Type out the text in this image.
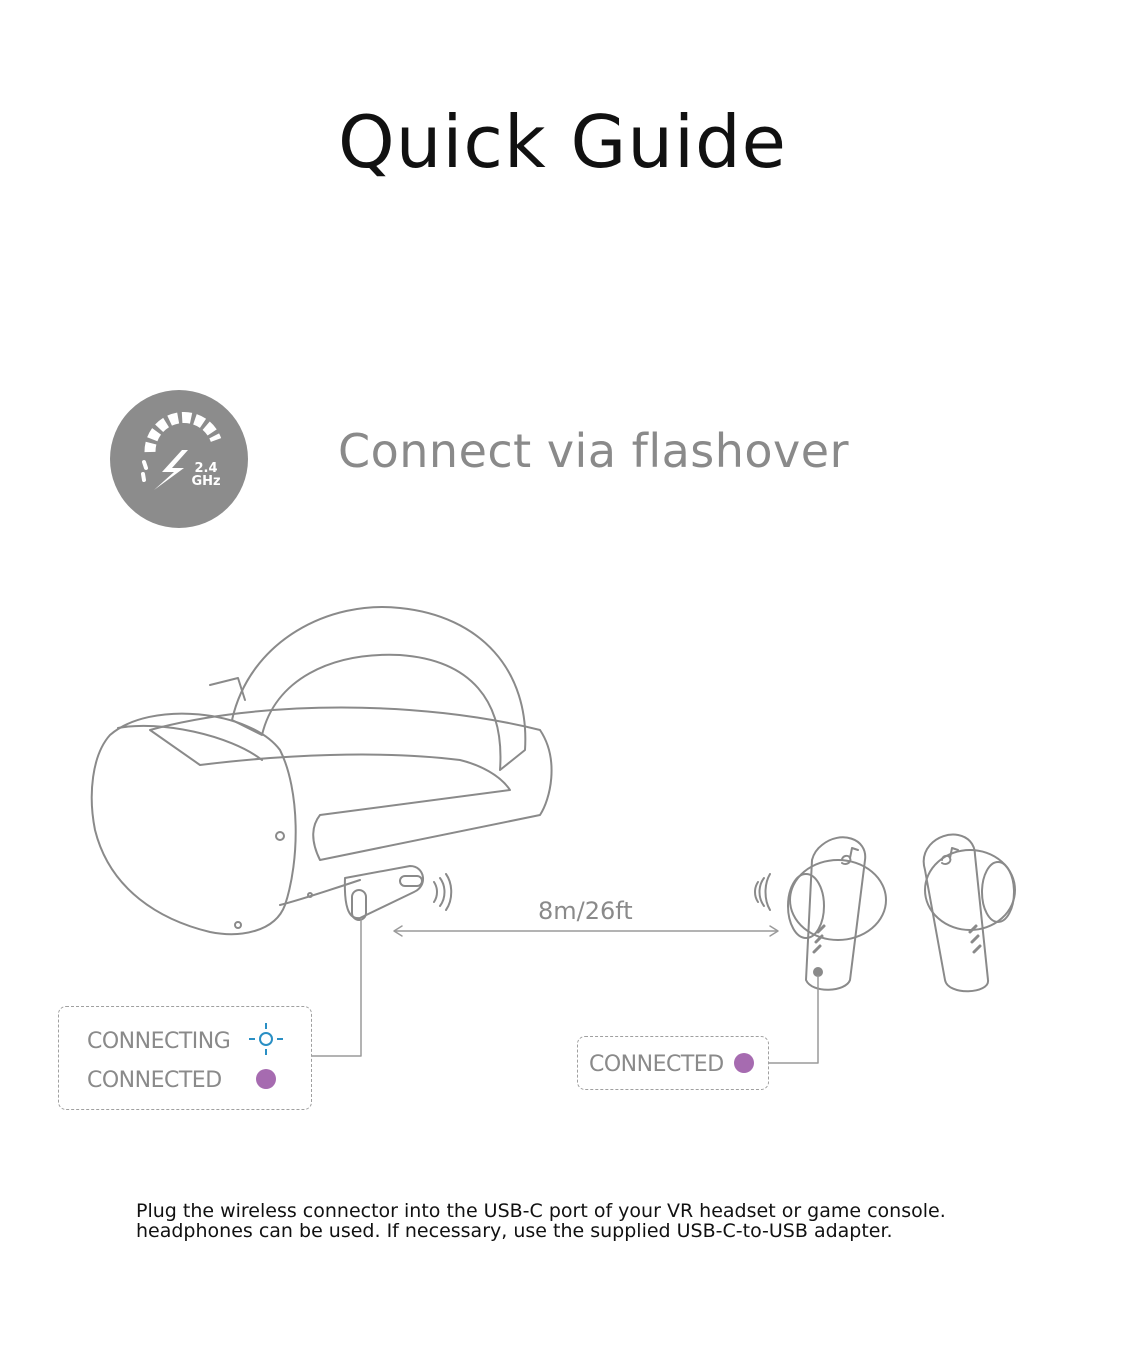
Quick Guide
2.4
GHz
Connect via flashover
8m/26ft
CONNECTING
CONNECTED
CONNECTED
Plug the wireless connector into the USB-C port of your VR headset or game console.
headphones can be used. If necessary, use the supplied USB-C-to-USB adapter.
